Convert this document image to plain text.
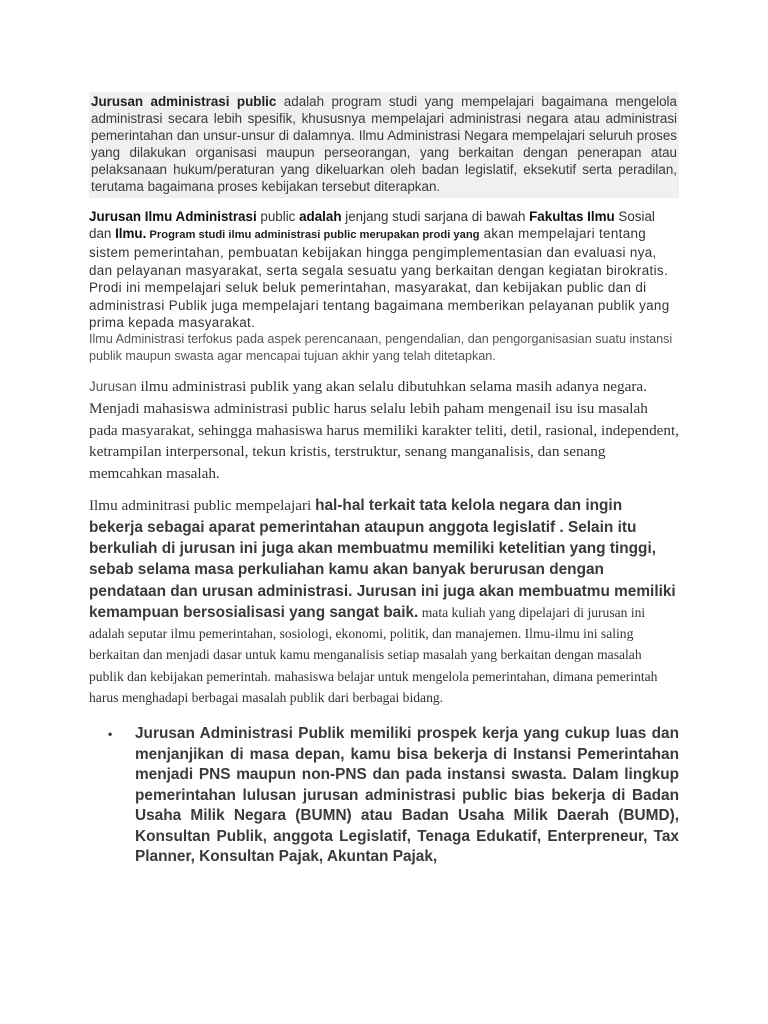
Jurusan administrasi public adalah program studi yang mempelajari bagaimana mengelola administrasi secara lebih spesifik, khususnya mempelajari administrasi negara atau administrasi pemerintahan dan unsur-unsur di dalamnya. Ilmu Administrasi Negara mempelajari seluruh proses yang dilakukan organisasi maupun perseorangan, yang berkaitan dengan penerapan atau pelaksanaan hukum/peraturan yang dikeluarkan oleh badan legislatif, eksekutif serta peradilan, terutama bagaimana proses kebijakan tersebut diterapkan.

Jurusan Ilmu Administrasi public adalah jenjang studi sarjana di bawah Fakultas Ilmu Sosial dan Ilmu. Program studi ilmu administrasi public merupakan prodi yang akan mempelajari tentang sistem pemerintahan, pembuatan kebijakan hingga pengimplementasian dan evaluasi nya, dan pelayanan masyarakat, serta segala sesuatu yang berkaitan dengan kegiatan birokratis. Prodi ini mempelajari seluk beluk pemerintahan, masyarakat, dan kebijakan public dan di administrasi Publik juga mempelajari tentang bagaimana memberikan pelayanan publik yang prima kepada masyarakat.
Ilmu Administrasi terfokus pada aspek perencanaan, pengendalian, dan pengorganisasian suatu instansi publik maupun swasta agar mencapai tujuan akhir yang telah ditetapkan.

Jurusan ilmu administrasi publik yang akan selalu dibutuhkan selama masih adanya negara. Menjadi mahasiswa administrasi public harus selalu lebih paham mengenail isu isu masalah pada masyarakat, sehingga mahasiswa harus memiliki karakter teliti, detil, rasional, independent, ketrampilan interpersonal, tekun kristis, terstruktur, senang manganalisis, dan senang memcahkan masalah.

Ilmu adminitrasi public mempelajari hal-hal terkait tata kelola negara dan ingin bekerja sebagai aparat pemerintahan ataupun anggota legislatif . Selain itu berkuliah di jurusan ini juga akan membuatmu memiliki ketelitian yang tinggi, sebab selama masa perkuliahan kamu akan banyak berurusan dengan pendataan dan urusan administrasi. Jurusan ini juga akan membuatmu memiliki kemampuan bersosialisasi yang sangat baik. mata kuliah yang dipelajari di jurusan ini adalah seputar ilmu pemerintahan, sosiologi, ekonomi, politik, dan manajemen. Ilmu-ilmu ini saling berkaitan dan menjadi dasar untuk kamu menganalisis setiap masalah yang berkaitan dengan masalah publik dan kebijakan pemerintah. mahasiswa belajar untuk mengelola pemerintahan, dimana pemerintah harus menghadapi berbagai masalah publik dari berbagai bidang.

•	Jurusan Administrasi Publik memiliki prospek kerja yang cukup luas dan menjanjikan di masa depan, kamu bisa bekerja di Instansi Pemerintahan menjadi PNS maupun non-PNS dan pada instansi swasta. Dalam lingkup pemerintahan lulusan jurusan administrasi public bias bekerja di Badan Usaha Milik Negara (BUMN) atau Badan Usaha Milik Daerah (BUMD), Konsultan Publik, anggota Legislatif, Tenaga Edukatif, Enterpreneur, Tax Planner, Konsultan Pajak, Akuntan Pajak,
